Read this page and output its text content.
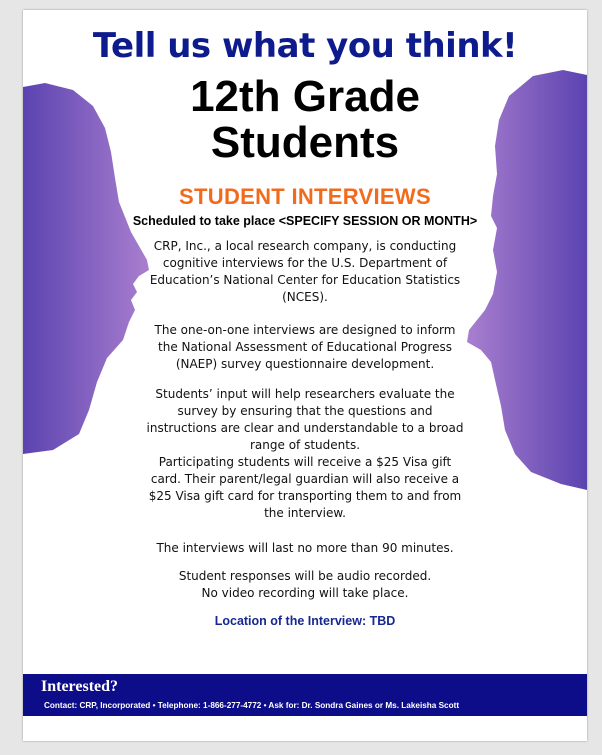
Tell us what you think!
12th Grade
Students
STUDENT INTERVIEWS
Scheduled to take place <SPECIFY SESSION OR MONTH>
CRP, Inc., a local research company, is conducting cognitive interviews for the U.S. Department of Education’s National Center for Education Statistics (NCES).
The one-on-one interviews are designed to inform the National Assessment of Educational Progress (NAEP) survey questionnaire development.
Students’ input will help researchers evaluate the survey by ensuring that the questions and instructions are clear and understandable to a broad range of students.
Participating students will receive a $25 Visa gift card. Their parent/legal guardian will also receive a $25 Visa gift card for transporting them to and from the interview.
The interviews will last no more than 90 minutes.
Student responses will be audio recorded.
No video recording will take place.
Location of the Interview: TBD
Interested?
Contact: CRP, Incorporated • Telephone: 1-866-277-4772 • Ask for: Dr. Sondra Gaines or Ms. Lakeisha Scott
